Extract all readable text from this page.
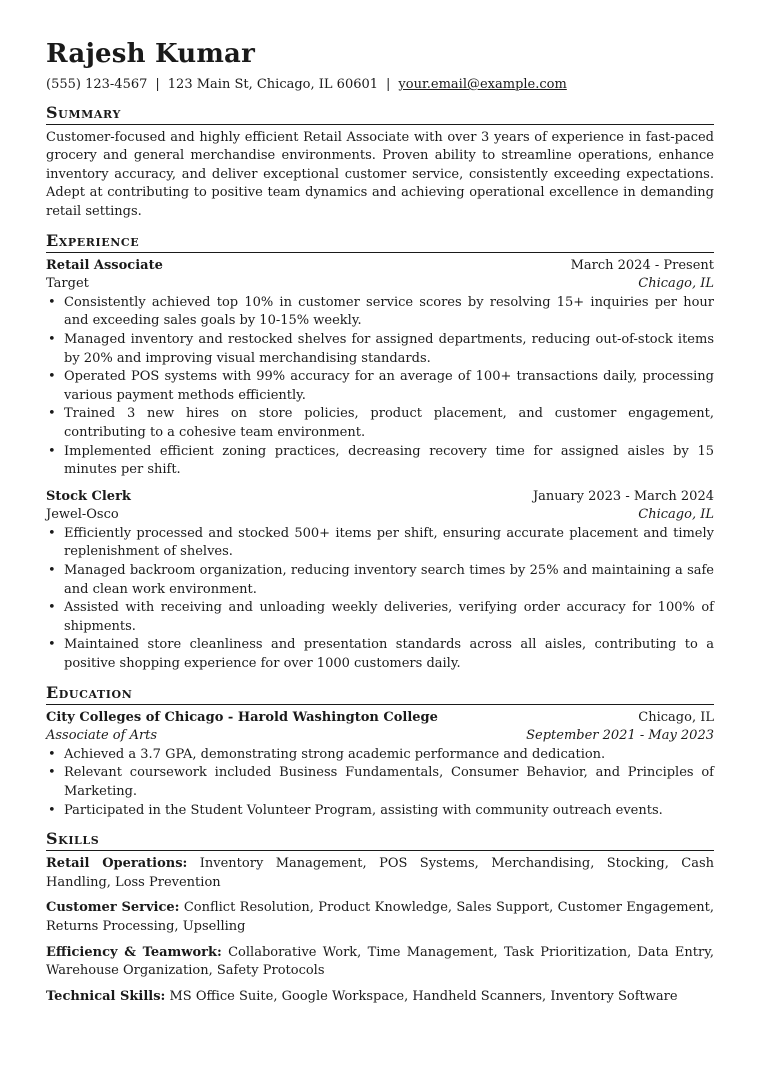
Rajesh Kumar
(555) 123-4567 | 123 Main St, Chicago, IL 60601 | your.email@example.com
Summary

Customer-focused and highly efficient Retail Associate with over 3 years of experience in fast-paced grocery and general merchandise environments. Proven ability to streamline operations, enhance inventory accuracy, and deliver exceptional customer service, consistently exceeding expectations. Adept at contributing to positive team dynamics and achieving operational excellence in demanding retail settings.

Experience
Retail Associate	March 2024 - Present
Target	Chicago, IL
• Consistently achieved top 10% in customer service scores by resolving 15+ inquiries per hour and exceeding sales goals by 10-15% weekly.
• Managed inventory and restocked shelves for assigned departments, reducing out-of-stock items by 20% and improving visual merchandising standards.
• Operated POS systems with 99% accuracy for an average of 100+ transactions daily, processing various payment methods efficiently.
• Trained 3 new hires on store policies, product placement, and customer engagement, contributing to a cohesive team environment.
• Implemented efficient zoning practices, decreasing recovery time for assigned aisles by 15 minutes per shift.
Stock Clerk	January 2023 - March 2024
Jewel-Osco	Chicago, IL
• Efficiently processed and stocked 500+ items per shift, ensuring accurate placement and timely replenishment of shelves.
• Managed backroom organization, reducing inventory search times by 25% and maintaining a safe and clean work environment.
• Assisted with receiving and unloading weekly deliveries, verifying order accuracy for 100% of shipments.
• Maintained store cleanliness and presentation standards across all aisles, contributing to a positive shopping experience for over 1000 customers daily.
Education
City Colleges of Chicago - Harold Washington College	Chicago, IL
Associate of Arts	September 2021 - May 2023
• Achieved a 3.7 GPA, demonstrating strong academic performance and dedication.
• Relevant coursework included Business Fundamentals, Consumer Behavior, and Principles of Marketing.
• Participated in the Student Volunteer Program, assisting with community outreach events.
Skills

Retail Operations: Inventory Management, POS Systems, Merchandising, Stocking, Cash Handling, Loss Prevention

Customer Service: Conflict Resolution, Product Knowledge, Sales Support, Customer Engagement, Returns Processing, Upselling

Efficiency & Teamwork: Collaborative Work, Time Management, Task Prioritization, Data Entry, Warehouse Organization, Safety Protocols

Technical Skills: MS Office Suite, Google Workspace, Handheld Scanners, Inventory Software
